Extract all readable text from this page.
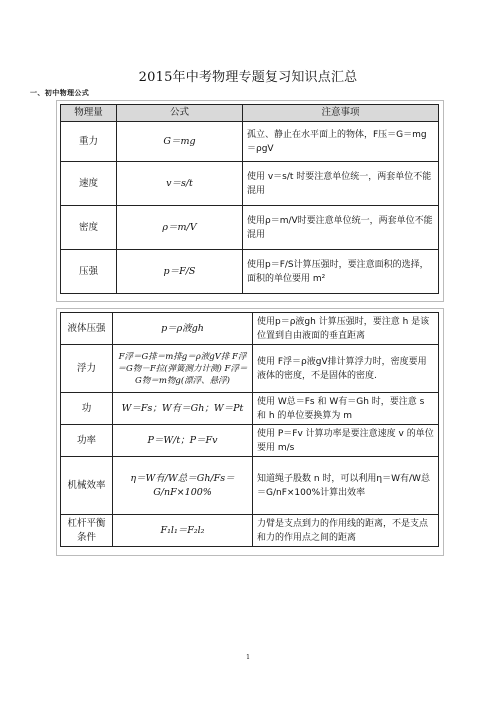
2015年中考物理专题复习知识点汇总
一、初中物理公式
物理量	公式	注意事项
重力	G＝mg	孤立、静止在水平面上的物体，F压＝G＝mg＝ρgV
速度	v＝s/t	使用 v＝s/t 时要注意单位统一，两套单位不能混用
密度	ρ＝m/V	使用ρ＝m/V时要注意单位统一，两套单位不能混用
压强	p＝F/S	使用p＝F/S计算压强时，要注意面积的选择，面积的单位要用 m²
液体压强	p＝ρ液gh	使用p＝ρ液gh 计算压强时，要注意 h 是该位置到自由液面的垂直距离
浮力	F浮＝G排＝m排g＝ρ液gV排 F浮＝G物－F拉(弹簧测力计测) F浮＝G物＝m物g(漂浮、悬浮)	使用 F浮＝ρ液gV排计算浮力时，密度要用液体的密度，不是固体的密度.
功	W＝Fs；W有＝Gh；W＝Pt	使用 W总＝Fs 和 W有＝Gh 时，要注意 s 和 h 的单位要换算为 m
功率	P＝W/t；P＝Fv	使用 P＝Fv 计算功率是要注意速度 v 的单位要用 m/s
机械效率	η＝W有/W总＝Gh/Fs＝G/nF×100%	知道绳子股数 n 时，可以利用η＝W有/W总＝G/nF×100%计算出效率
杠杆平衡条件	F₁l₁＝F₂l₂	力臂是支点到力的作用线的距离，不是支点和力的作用点之间的距离
1
